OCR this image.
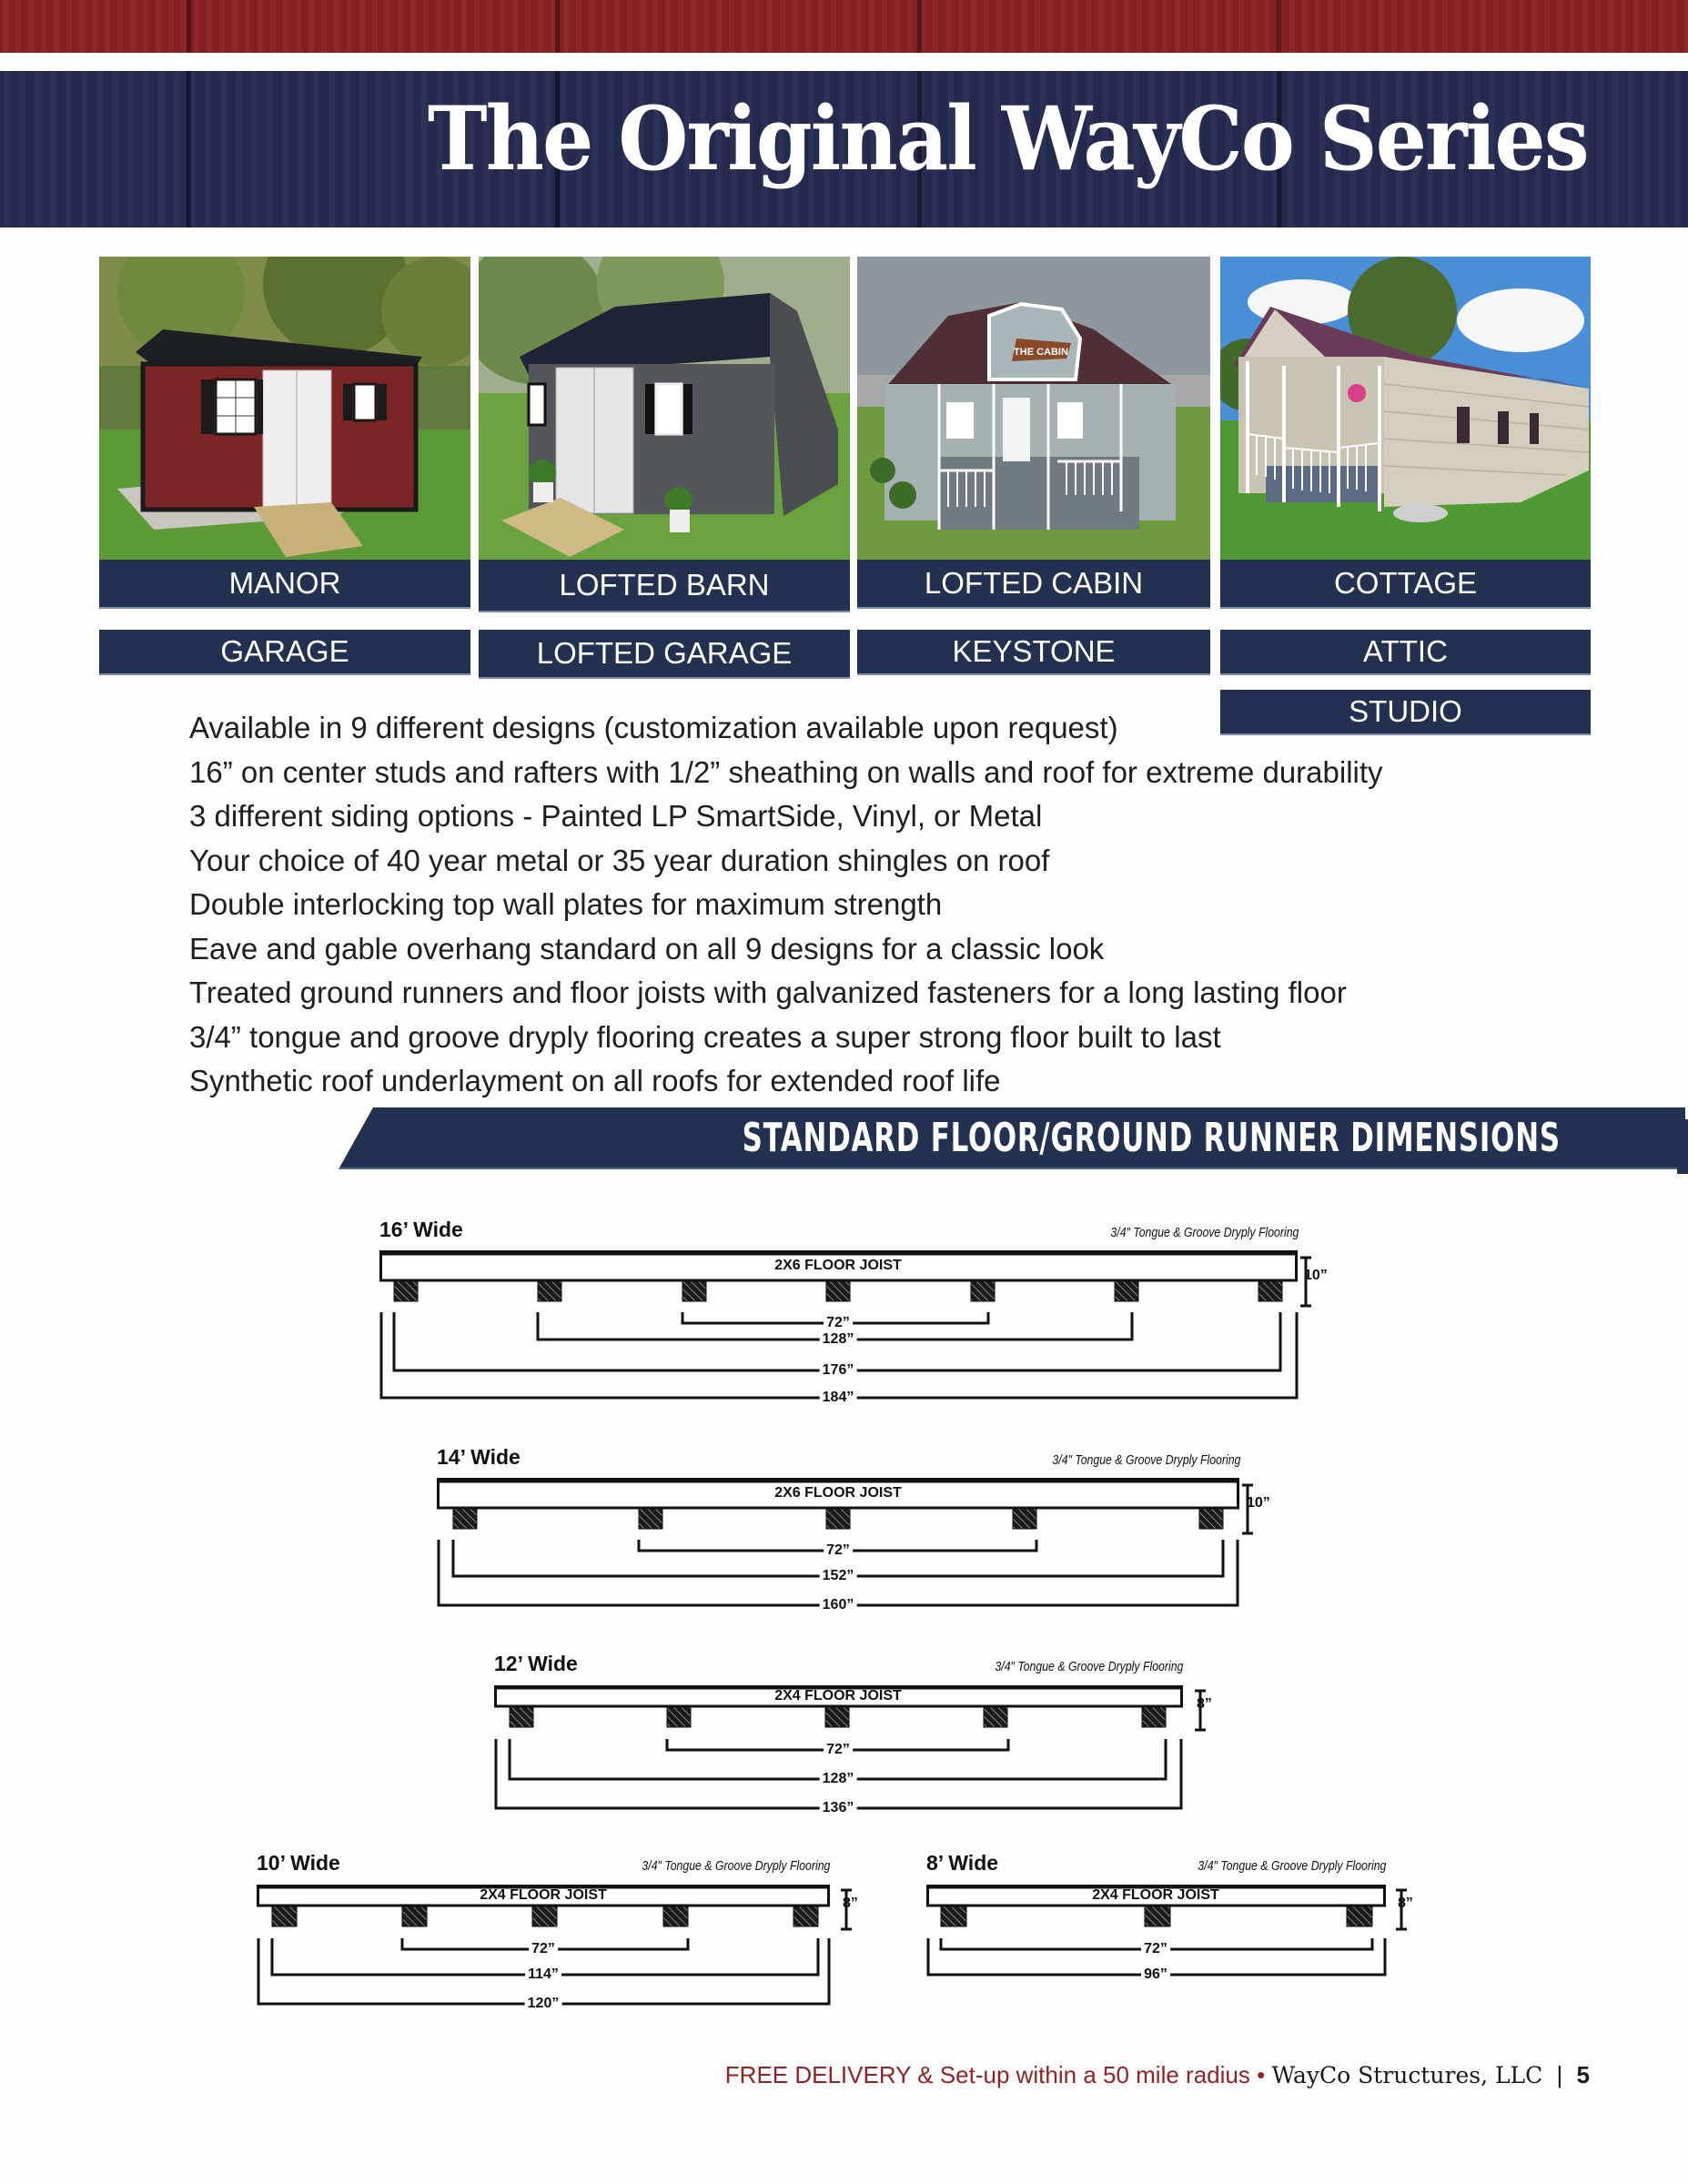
The Original WayCo Series
THE CABIN
MANOR	LOFTED BARN	LOFTED CABIN	COTTAGE
GARAGE	LOFTED GARAGE	KEYSTONE	ATTIC
STUDIO
Available in 9 different designs (customization available upon request)
16” on center studs and rafters with 1/2” sheathing on walls and roof for extreme durability
3 different siding options - Painted LP SmartSide, Vinyl, or Metal
Your choice of 40 year metal or 35 year duration shingles on roof
Double interlocking top wall plates for maximum strength
Eave and gable overhang standard on all 9 designs for a classic look
Treated ground runners and floor joists with galvanized fasteners for a long lasting floor
3/4” tongue and groove dryply flooring creates a super strong floor built to last
Synthetic roof underlayment on all roofs for extended roof life
STANDARD FLOOR/GROUND RUNNER DIMENSIONS
16’ Wide	3/4" Tongue & Groove Dryply Flooring
2X6 FLOOR JOIST
10”
72”
128”
176”
184”
14’ Wide	3/4" Tongue & Groove Dryply Flooring
2X6 FLOOR JOIST
10”
72”
152”
160”
12’ Wide	3/4" Tongue & Groove Dryply Flooring
2X4 FLOOR JOIST
8”
72”
128”
136”
10’ Wide	3/4" Tongue & Groove Dryply Flooring
2X4 FLOOR JOIST
8”
72”
114”
120”
8’ Wide	3/4" Tongue & Groove Dryply Flooring
2X4 FLOOR JOIST
8”
72”
96”
FREE DELIVERY & Set-up within a 50 mile radius • WayCo Structures, LLC | 5
